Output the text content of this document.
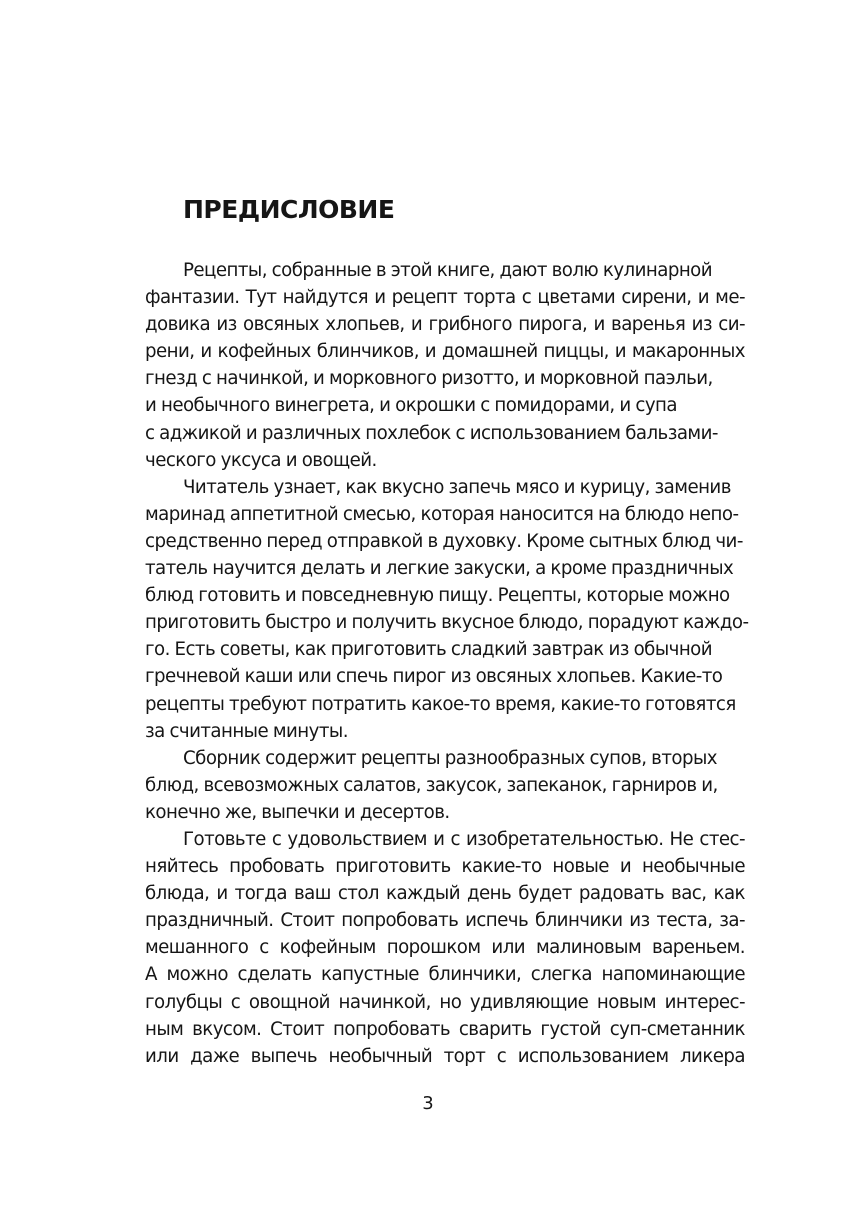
ПРЕДИСЛОВИЕ
Рецепты, собранные в этой книге, дают волю кулинарной
фантазии. Тут найдутся и рецепт торта с цветами сирени, и ме-
довика из овсяных хлопьев, и грибного пирога, и варенья из си-
рени, и кофейных блинчиков, и домашней пиццы, и макаронных
гнезд с начинкой, и морковного ризотто, и морковной паэльи,
и необычного винегрета, и окрошки с помидорами, и супа
с аджикой и различных похлебок с использованием бальзами-
ческого уксуса и овощей.
Читатель узнает, как вкусно запечь мясо и курицу, заменив
маринад аппетитной смесью, которая наносится на блюдо непо-
средственно перед отправкой в духовку. Кроме сытных блюд чи-
татель научится делать и легкие закуски, а кроме праздничных
блюд готовить и повседневную пищу. Рецепты, которые можно
приготовить быстро и получить вкусное блюдо, порадуют каждо-
го. Есть советы, как приготовить сладкий завтрак из обычной
гречневой каши или спечь пирог из овсяных хлопьев. Какие-то
рецепты требуют потратить какое-то время, какие-то готовятся
за считанные минуты.
Сборник содержит рецепты разнообразных супов, вторых
блюд, всевозможных салатов, закусок, запеканок, гарниров и,
конечно же, выпечки и десертов.
Готовьте с удовольствием и с изобретательностью. Не стес-
няйтесь пробовать приготовить какие-то новые и необычные
блюда, и тогда ваш стол каждый день будет радовать вас, как
праздничный. Стоит попробовать испечь блинчики из теста, за-
мешанного с кофейным порошком или малиновым вареньем.
А можно сделать капустные блинчики, слегка напоминающие
голубцы с овощной начинкой, но удивляющие новым интерес-
ным вкусом. Стоит попробовать сварить густой суп-сметанник
или даже выпечь необычный торт с использованием ликера
3
